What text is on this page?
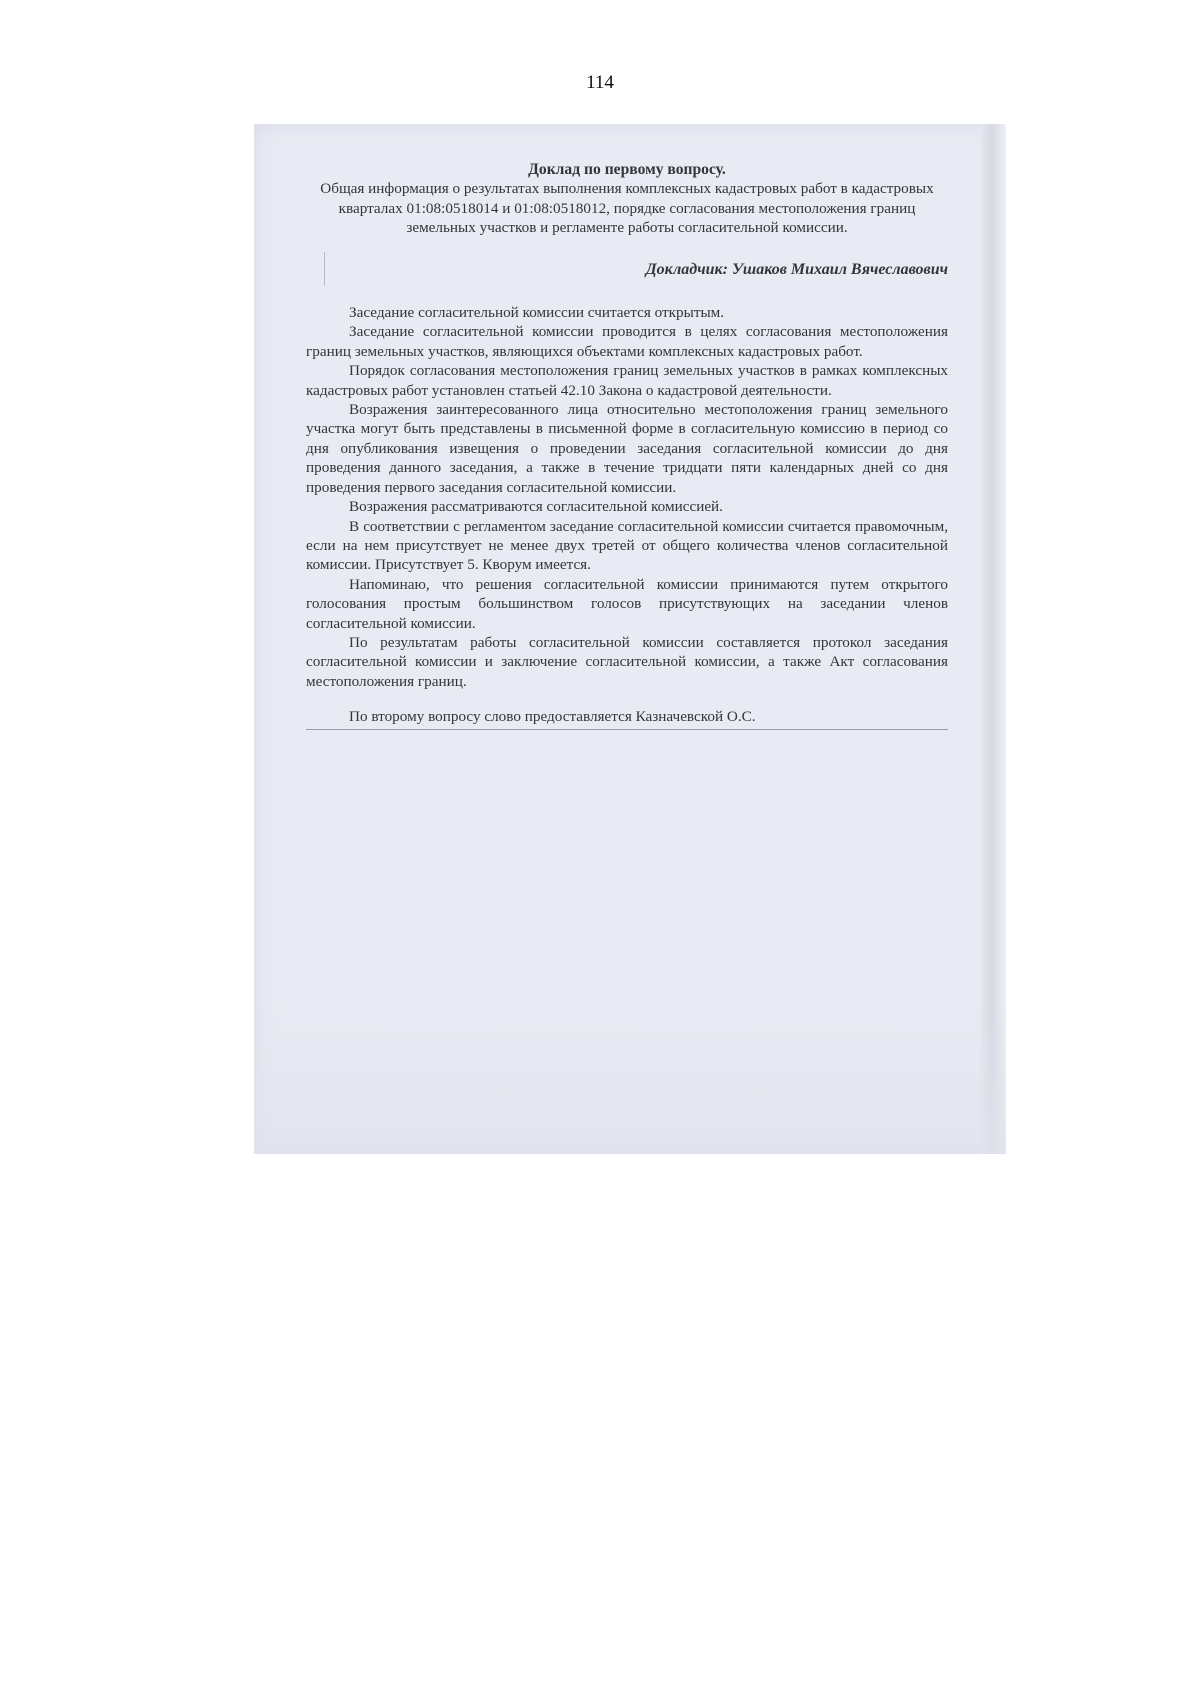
114

Доклад по первому вопросу.

Общая информация о результатах выполнения комплексных кадастровых работ в кадастровых кварталах 01:08:0518014 и 01:08:0518012, порядке согласования местоположения границ земельных участков и регламенте работы согласительной комиссии.

Докладчик: Ушаков Михаил Вячеславович

Заседание согласительной комиссии считается открытым.

Заседание согласительной комиссии проводится в целях согласования местоположения границ земельных участков, являющихся объектами комплексных кадастровых работ.

Порядок согласования местоположения границ земельных участков в рамках комплексных кадастровых работ установлен статьей 42.10 Закона о кадастровой деятельности.

Возражения заинтересованного лица относительно местоположения границ земельного участка могут быть представлены в письменной форме в согласительную комиссию в период со дня опубликования извещения о проведении заседания согласительной комиссии до дня проведения данного заседания, а также в течение тридцати пяти календарных дней со дня проведения первого заседания согласительной комиссии.

Возражения рассматриваются согласительной комиссией.

В соответствии с регламентом заседание согласительной комиссии считается правомочным, если на нем присутствует не менее двух третей от общего количества членов согласительной комиссии. Присутствует 5. Кворум имеется.

Напоминаю, что решения согласительной комиссии принимаются путем открытого голосования простым большинством голосов присутствующих на заседании членов согласительной комиссии.

По результатам работы согласительной комиссии составляется протокол заседания согласительной комиссии и заключение согласительной комиссии, а также Акт согласования местоположения границ.

По второму вопросу слово предоставляется Казначевской О.С.
